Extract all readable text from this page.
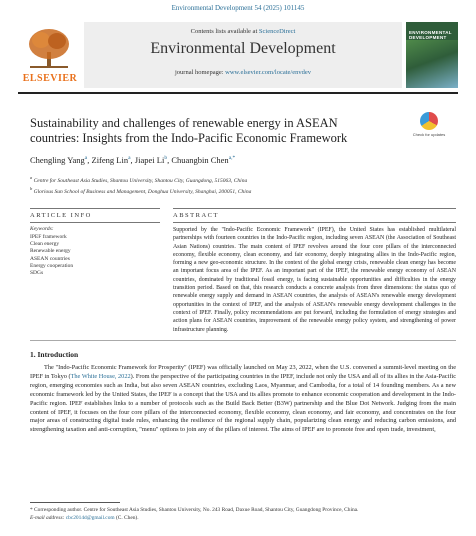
Environmental Development 54 (2025) 101145
ELSEVIER
Contents lists available at ScienceDirect
Environmental Development
journal homepage: www.elsevier.com/locate/envdev
ENVIRONMENTAL DEVELOPMENT
Sustainability and challenges of renewable energy in ASEAN countries: Insights from the Indo-Pacific Economic Framework	Check for updates
Chengling Yang$^a$, Zifeng Lin$^a$, Jiapei Li$^b$, Chuangbin Chen$^{a,*}$
$^a$ Centre for Southeast Asia Studies, Shantou University, Shantou City, Guangdong, 515063, China
$^b$ Glorious Sun School of Business and Management, Donghua University, Shanghai, 200051, China
ARTICLE INFO
Keywords:
IPEF framework
Clean energy
Renewable energy
ASEAN countries
Energy cooperation
SDGs
ABSTRACT
Supported by the "Indo-Pacific Economic Framework" (IPEF), the United States has established multilateral partnerships with fourteen countries in the Indo-Pacific region, including seven ASEAN (the Association of Southeast Asian Nations) countries. The main content of IPEF revolves around the four core pillars of the interconnected economy, flexible economy, clean economy, and fair economy, deeply integrating allies in the Indo-Pacific region, forming a new geo-economic structure. In the context of the global energy crisis, renewable clean energy has become an important focus area of the IPEF. As an important part of the IPEF, the renewable energy economy of ASEAN countries, dominated by traditional fossil energy, is facing sustainable opportunities and difficulties in the energy transition period. Based on that, this research conducts a concrete analysis from three dimensions: the status quo of renewable energy supply and demand in ASEAN countries, the analysis of ASEAN's renewable energy development opportunities in the context of IPEF, and the analysis of ASEAN's renewable energy development challenges in the context of IPEF. Finally, policy recommendations are put forward, including the formulation of energy strategies and action plans for ASEAN countries, improvement of the renewable energy policy system, and strengthening of power infrastructure planning.
1. Introduction
The "Indo-Pacific Economic Framework for Prosperity" (IPEF) was officially launched on May 23, 2022, when the U.S. convened a summit-level meeting on the IPEF in Tokyo (The White House, 2022). From the perspective of the participating countries in the IPEF, include not only the USA and all of its allies in the Asia-Pacific region, emerging economies such as India, but also seven ASEAN countries, excluding Laos, Myanmar, and Cambodia, for a total of 14 founding members. As a new economic framework led by the United States, the IPEF is a concept that the USA and its allies promote to enhance economic cooperation and development in the Indo-Pacific region. IPEF establishes links to a number of protocols such as the Build Back Better (B3W) partnership and the Blue Dot Network. Judging from the main content of IPEF, it focuses on the four core pillars of the interconnected economy, flexible economy, clean economy, and fair economy, and concentrates on the four major areas of constructing digital trade rules, enhancing the resilience of the regional supply chain, popularizing clean energy and reducing carbon emissions, and strengthening taxation and anti-corruption, "menu" options to join any of the pillars of interest. The aims of IPEF are to promote free and open trade, investment,
* Corresponding author. Centre for Southeast Asia Studies, Shantou University, No. 243 Road, Daxue Road, Shantou City, Guangdong Province, China.
E-mail address: cbc2014d@gmail.com (C. Chen).
